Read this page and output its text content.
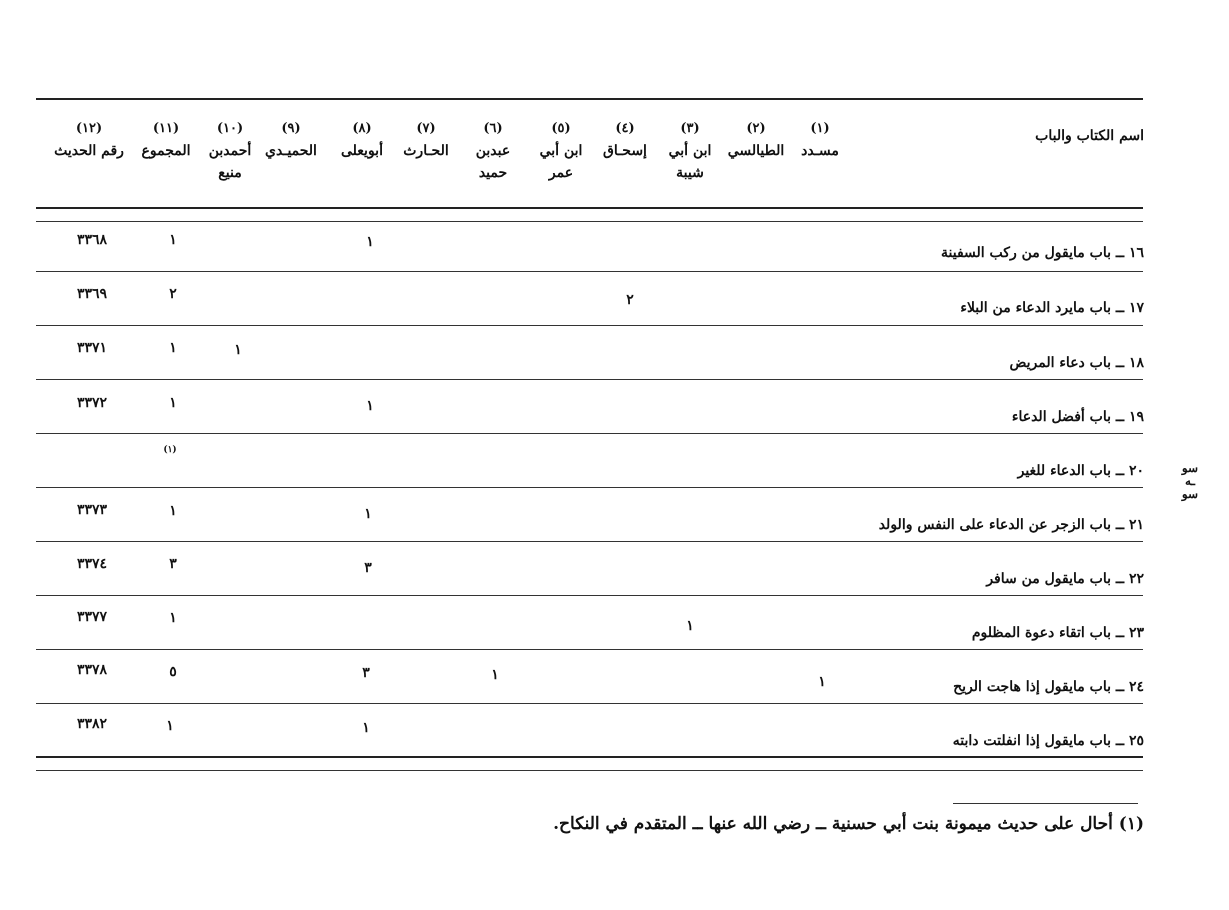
اسم الكتاب والباب
(١)
مسـدد
(٢)
الطيالسي
(٣)
ابن أبي شيبة
(٤)
إسحـاق
(٥)
ابن أبي عمر
(٦)
عبدبن حميد
(٧)
الحـارث
(٨)
أبويعلى
(٩)
الحميـدي
(١٠)
أحمدبن منيع
(١١)
المجموع
(١٢)
رقم الحديث
١٦ ــ باب مايقول من ركب السفينة
١
١
٣٣٦٨
١٧ ــ باب مايرد الدعاء من البلاء
٢
٢
٣٣٦٩
١٨ ــ باب دعاء المريض
١
١
٣٣٧١
١٩ ــ باب أفضل الدعاء
١
١
٣٣٧٢
٢٠ ــ باب الدعاء للغير
(١)
٢١ ــ باب الزجر عن الدعاء على النفس والولد
١
١
٣٣٧٣
٢٢ ــ باب مايقول من سافر
٣
٣
٣٣٧٤
٢٣ ــ باب اتقاء دعوة المظلوم
١
١
٣٣٧٧
٢٤ ــ باب مايقول إذا هاجت الريح
١
١
٣
٥
٣٣٧٨
٢٥ ــ باب مايقول إذا انفلتت دابته
١
١
٣٣٨٢
سو
ـه
سو
(١) أحال على حديث ميمونة بنت أبي حسنية ــ رضي الله عنها ــ المتقدم في النكاح.
